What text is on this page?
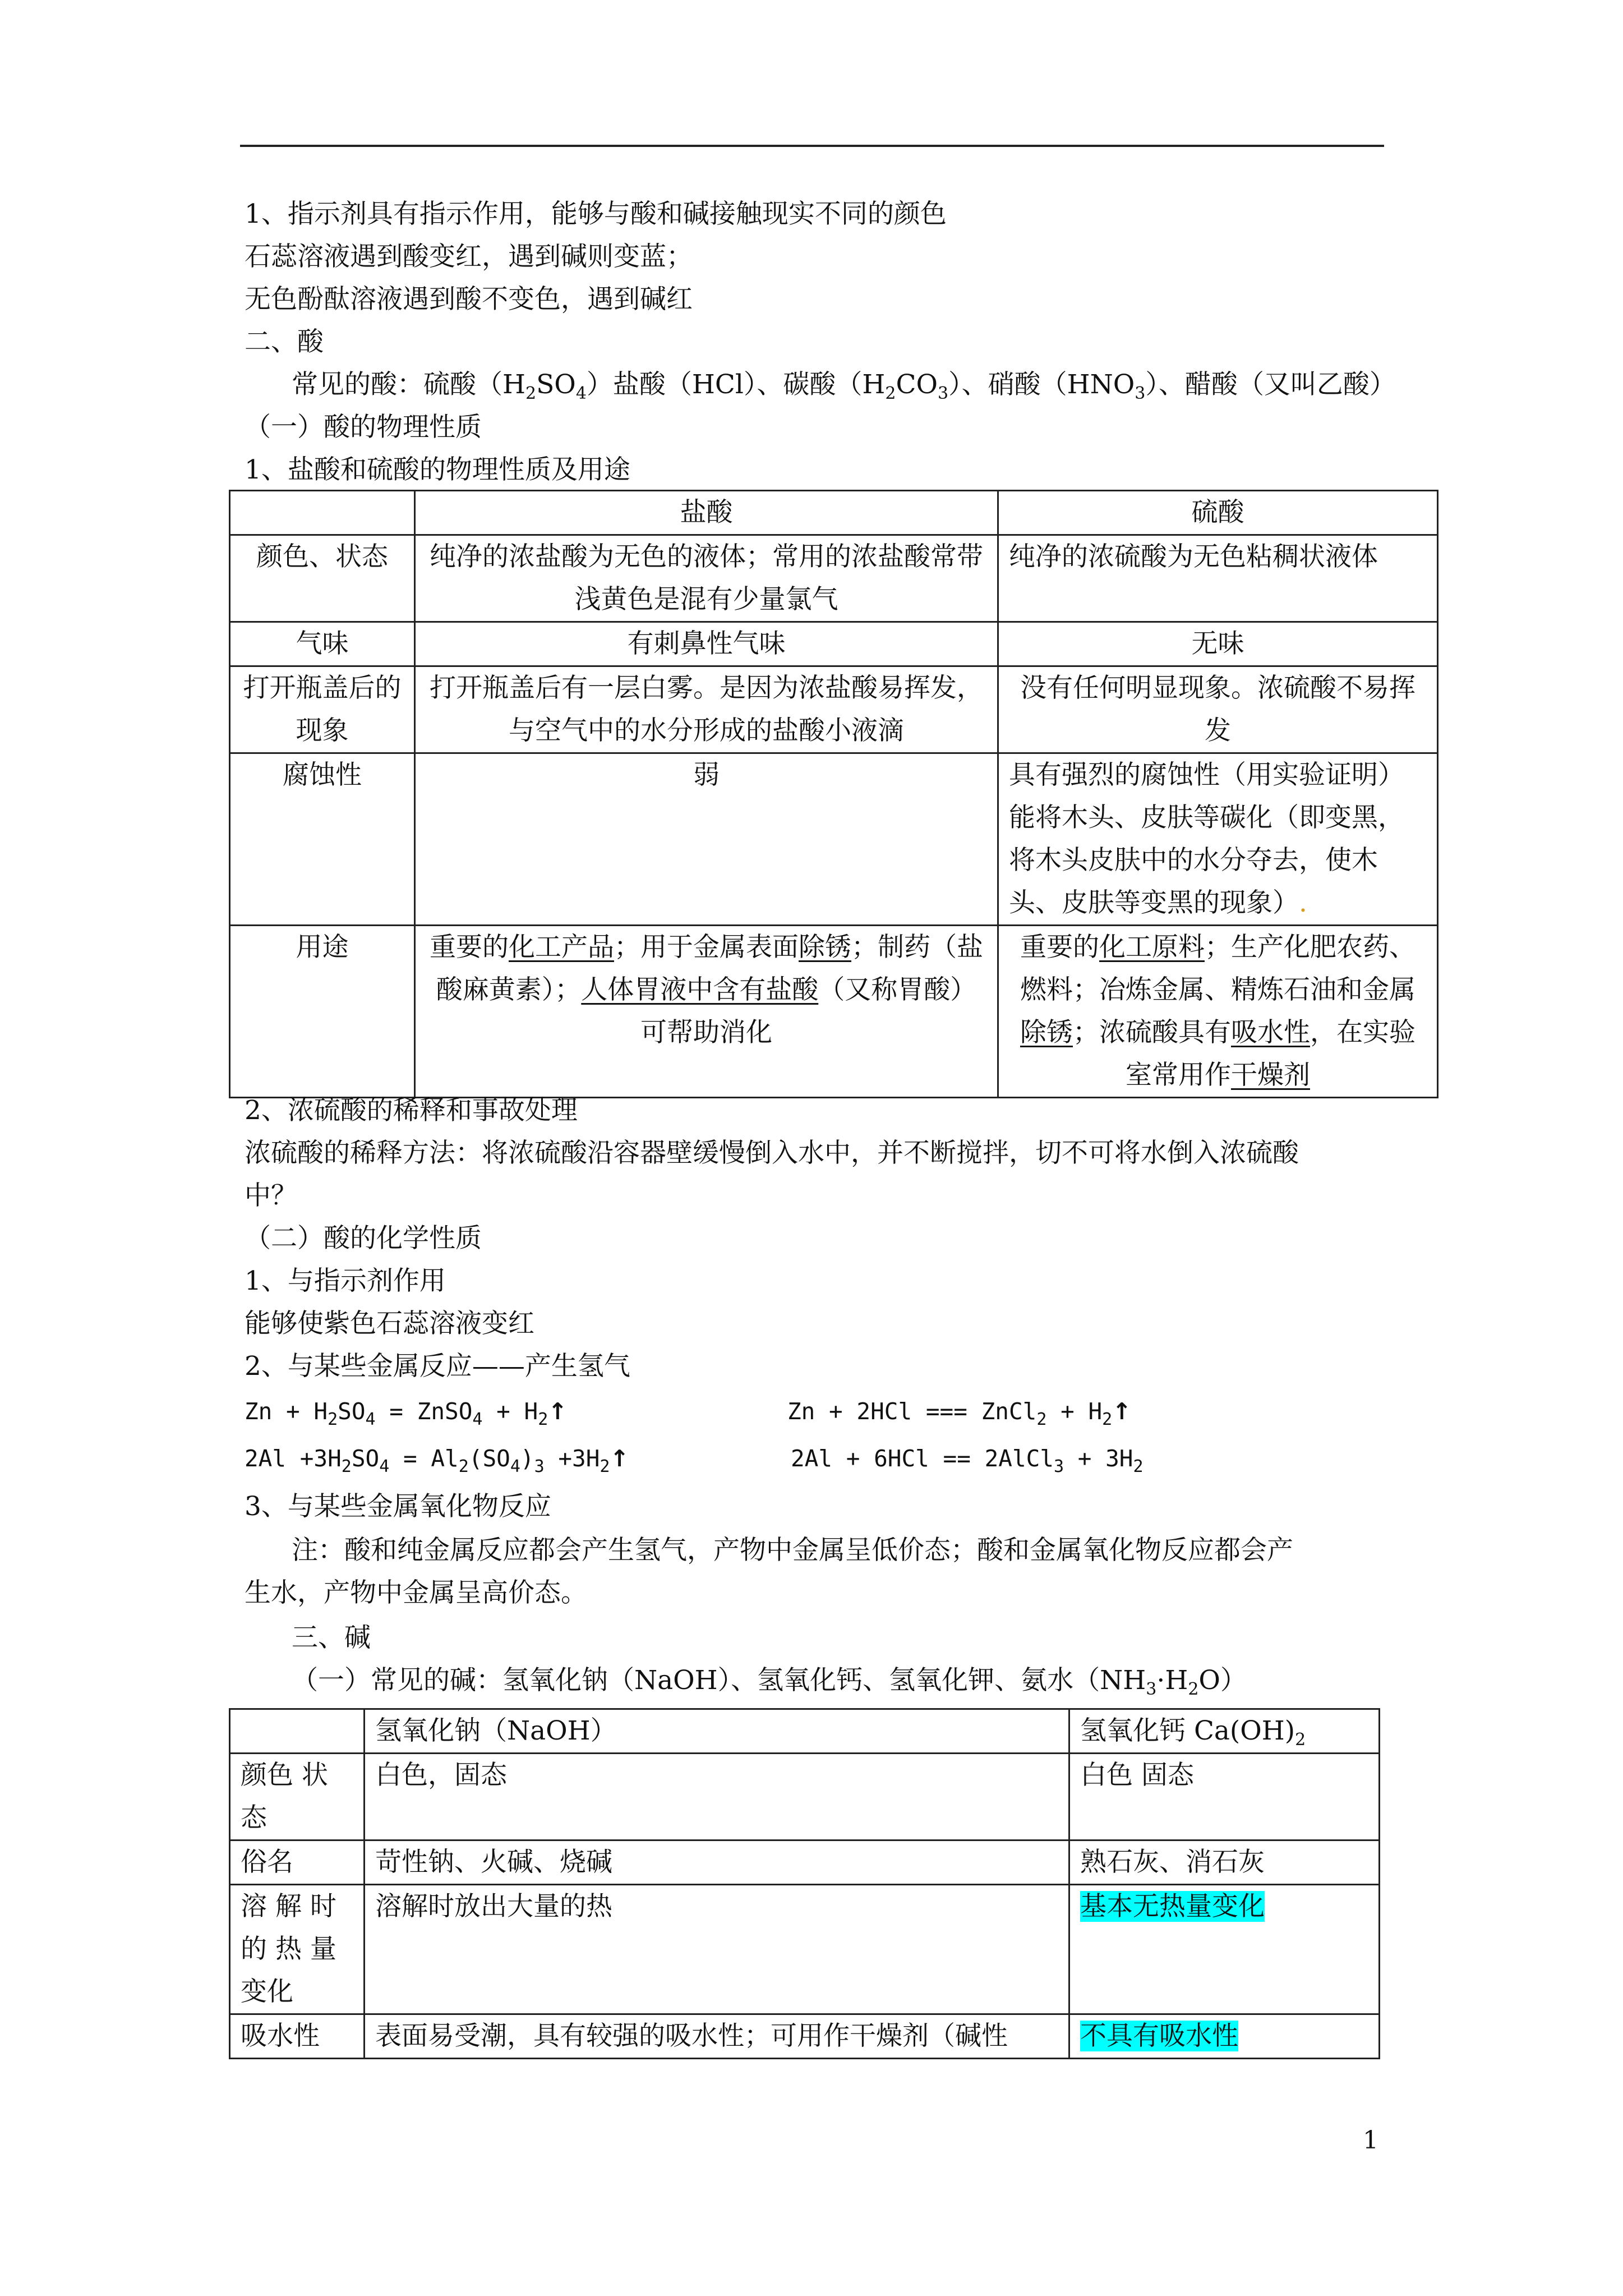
1、指示剂具有指示作用，能够与酸和碱接触现实不同的颜色
石蕊溶液遇到酸变红，遇到碱则变蓝；
无色酚酞溶液遇到酸不变色，遇到碱红
二、酸
常见的酸：硫酸$(H_2SO_4)$盐酸（HCl）、碳酸$(H_2CO_3)$、硝酸$(HNO_3)$、醋酸（又叫乙酸）
（一）酸的物理性质
1、盐酸和硫酸的物理性质及用途
	盐酸	硫酸
颜色、状态	纯净的浓盐酸为无色的液体；常用的浓盐酸常带浅黄色是混有少量氯气	纯净的浓硫酸为无色粘稠状液体
气味	有刺鼻性气味	无味
打开瓶盖后的现象	打开瓶盖后有一层白雾。是因为浓盐酸易挥发，与空气中的水分形成的盐酸小液滴	没有任何明显现象。浓硫酸不易挥发
腐蚀性	弱	具有强烈的腐蚀性（用实验证明）能将木头、皮肤等碳化（即变黑，将木头皮肤中的水分夺去，使木头、皮肤等变黑的现象）.
用途	重要的化工产品；用于金属表面除锈；制药（盐酸麻黄素）；人体胃液中含有盐酸（又称胃酸）可帮助消化	重要的化工原料；生产化肥农药、燃料；冶炼金属、精炼石油和金属除锈；浓硫酸具有吸水性，在实验室常用作干燥剂
2、浓硫酸的稀释和事故处理
浓硫酸的稀释方法：将浓硫酸沿容器壁缓慢倒入水中，并不断搅拌，切不可将水倒入浓硫酸
中？
（二）酸的化学性质
1、与指示剂作用
能够使紫色石蕊溶液变红
2、与某些金属反应——产生氢气
$Zn + H_2SO_4$ = ZnSO$_4$ + $H_2↑$	Zn + 2HCl === ZnCl$_2$ + $H_2↑$
$2Al +3H_2SO_4 = Al_2(SO_4)_3$ $+3H_2↑$	2Al + 6HCl == 2AlCl$_3$ + $3H_2$
3、与某些金属氧化物反应
注：酸和纯金属反应都会产生氢气，产物中金属呈低价态；酸和金属氧化物反应都会产
生水，产物中金属呈高价态。
三、碱
（一）常见的碱：氢氧化钠（NaOH）、氢氧化钙、氢氧化钾、氨水$(NH_3\cdot H_2O)$
	氢氧化钠（NaOH）	氢氧化钙 $Ca(OH)_2$

颜色 状
态	白色，固态	白色 固态
俗名	苛性钠、火碱、烧碱	熟石灰、消石灰

溶 解 时
的 热 量
变化	溶解时放出大量的热	基本无热量变化
吸水性	表面易受潮，具有较强的吸水性；可用作干燥剂（碱性	不具有吸水性
1
